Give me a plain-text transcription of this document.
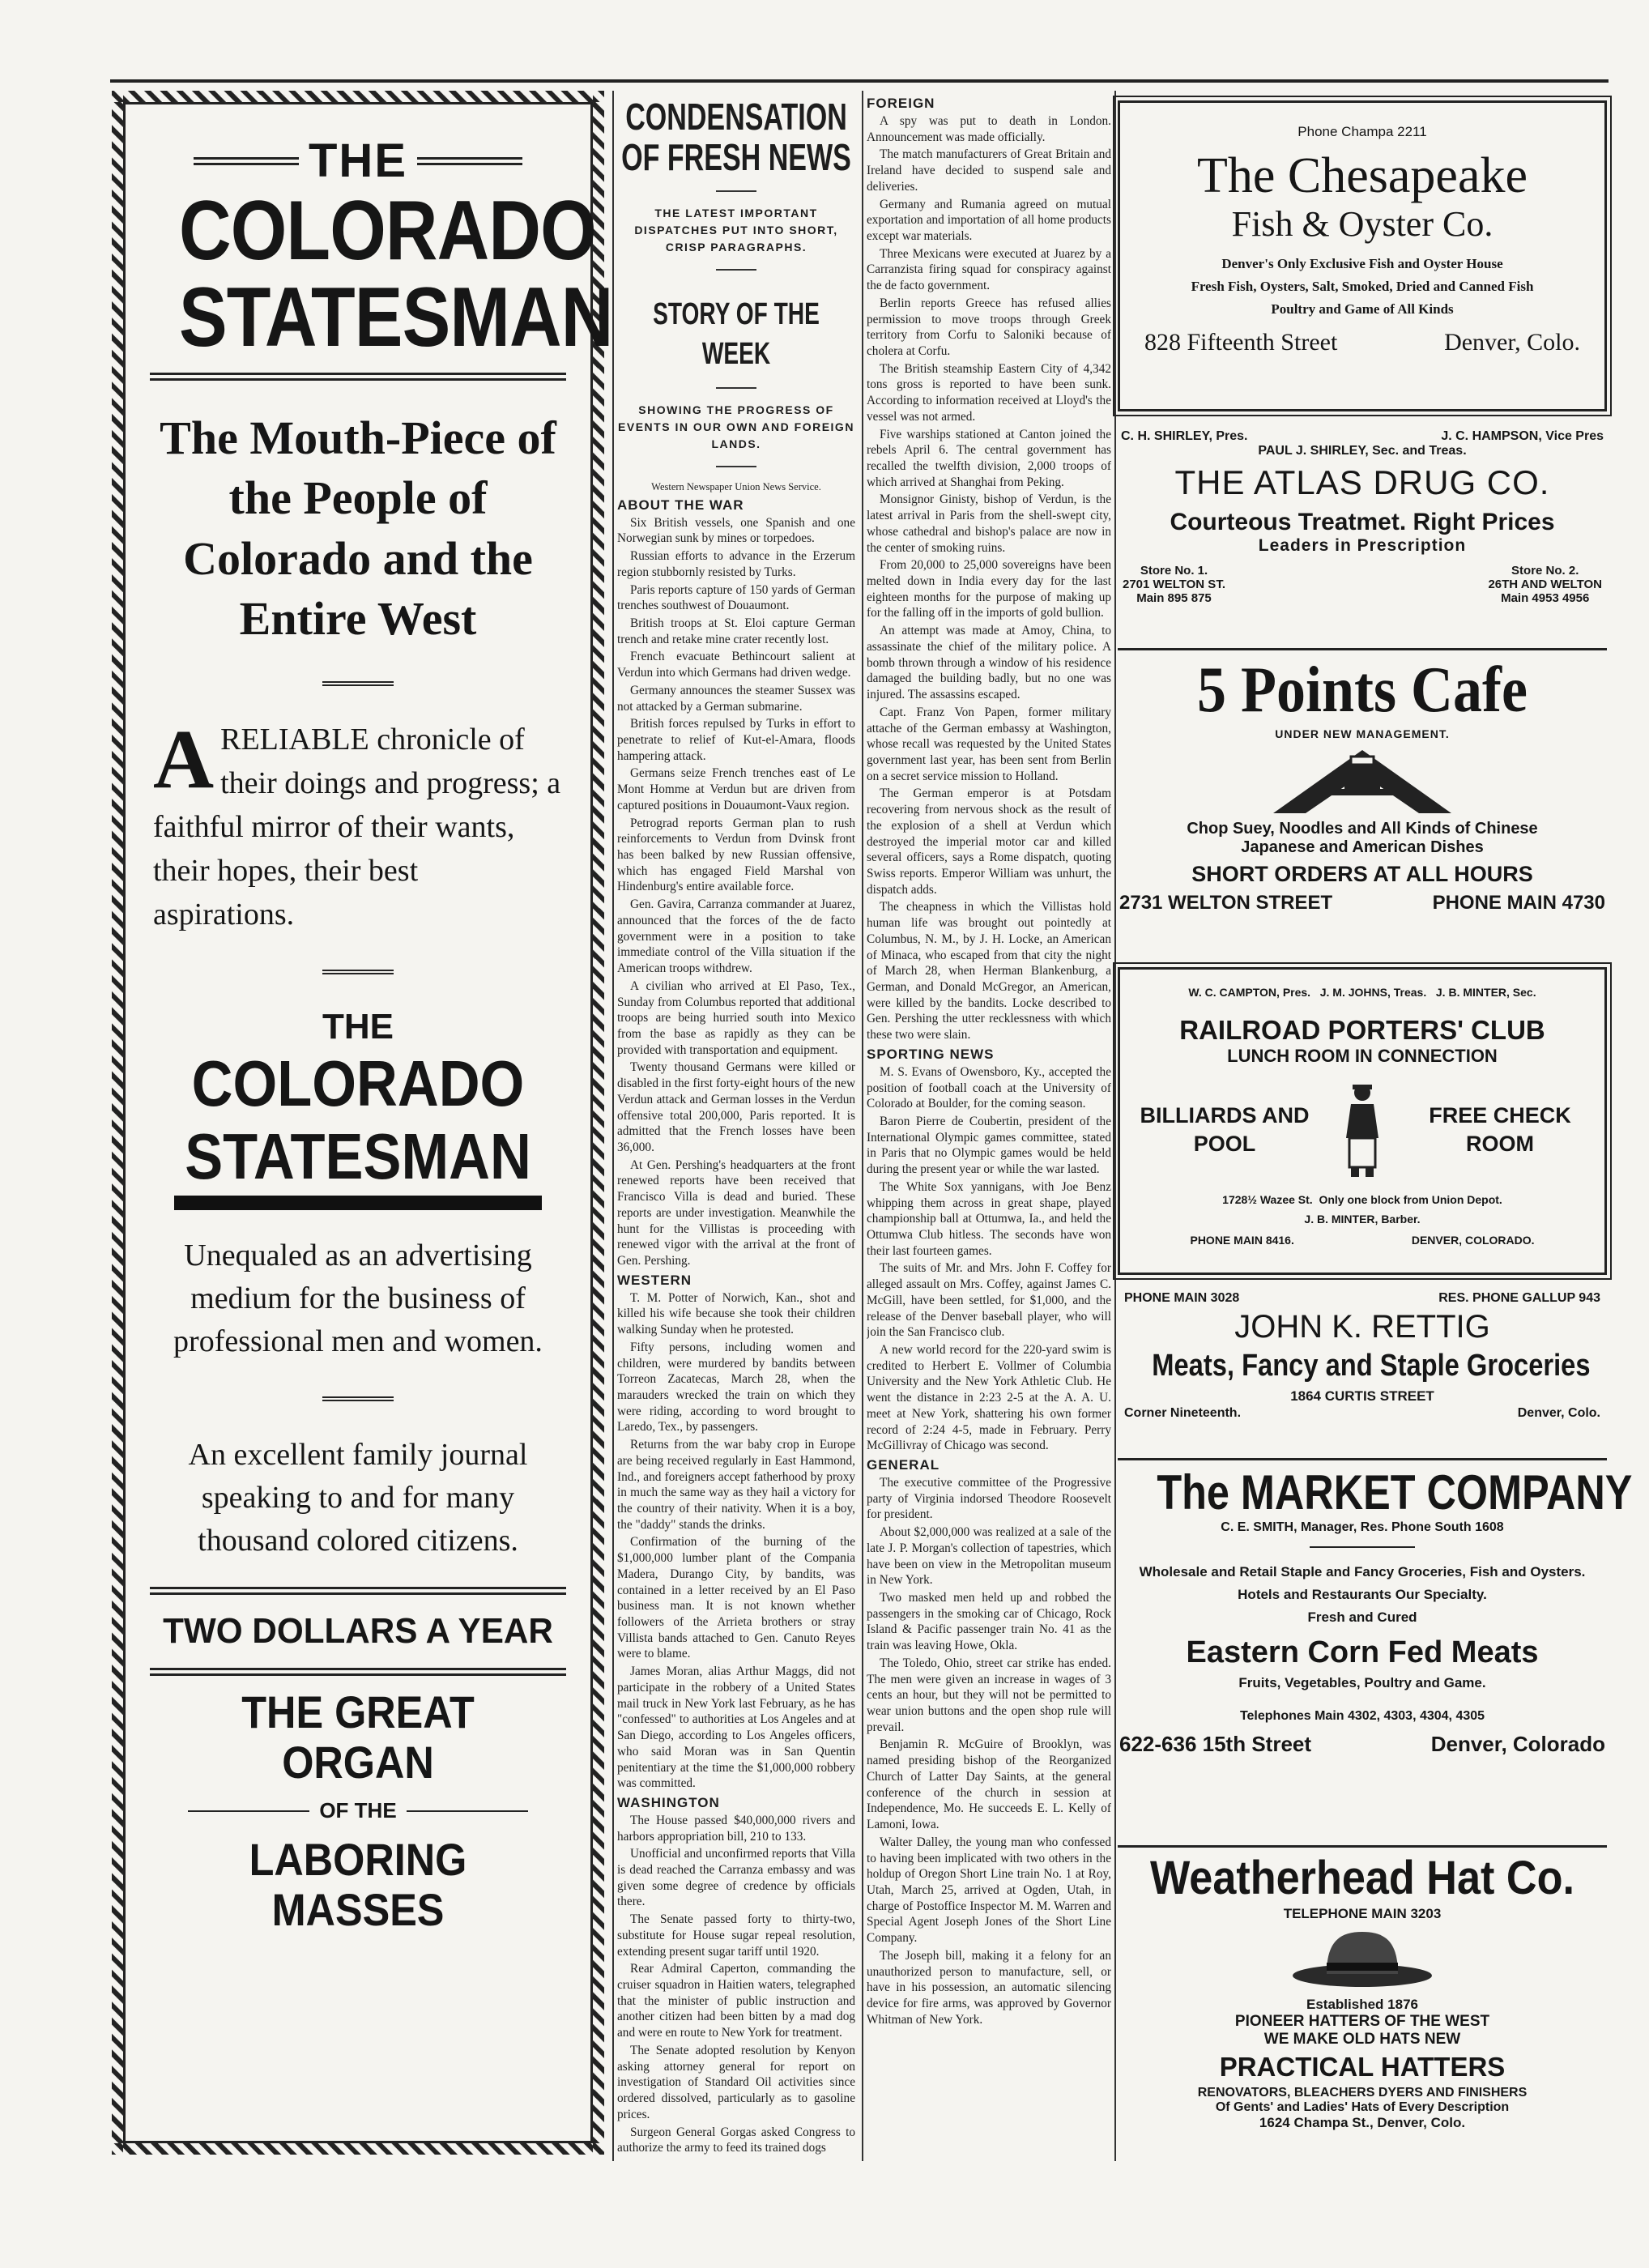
THE
COLORADO
STATESMAN
The Mouth-Piece of the People of Colorado and the Entire West
A RELIABLE chronicle of their doings and progress; a faithful mirror of their wants, their hopes, their best aspirations.
THE
COLORADO
STATESMAN
Unequaled as an advertising medium for the business of professional men and women.
An excellent family journal speaking to and for many thousand colored citizens.
TWO DOLLARS A YEAR
THE GREAT ORGAN
OF THE
LABORING MASSES
CONDENSATION
OF FRESH NEWS
THE LATEST IMPORTANT DISPATCHES PUT INTO SHORT, CRISP PARAGRAPHS.
STORY OF THE WEEK
SHOWING THE PROGRESS OF EVENTS IN OUR OWN AND FOREIGN LANDS.
Western Newspaper Union News Service.
ABOUT THE WAR

Six British vessels, one Spanish and one Norwegian sunk by mines or torpedoes.

Russian efforts to advance in the Erzerum region stubbornly resisted by Turks.

Paris reports capture of 150 yards of German trenches southwest of Douaumont.

British troops at St. Eloi capture German trench and retake mine crater recently lost.

French evacuate Bethincourt salient at Verdun into which Germans had driven wedge.

Germany announces the steamer Sussex was not attacked by a German submarine.

British forces repulsed by Turks in effort to penetrate to relief of Kut-el-Amara, floods hampering attack.

Germans seize French trenches east of Le Mont Homme at Verdun but are driven from captured positions in Douaumont-Vaux region.

Petrograd reports German plan to rush reinforcements to Verdun from Dvinsk front has been balked by new Russian offensive, which has engaged Field Marshal von Hindenburg's entire available force.

Gen. Gavira, Carranza commander at Juarez, announced that the forces of the de facto government were in a position to take immediate control of the Villa situation if the American troops withdrew.

A civilian who arrived at El Paso, Tex., Sunday from Columbus reported that additional troops are being hurried south into Mexico from the base as rapidly as they can be provided with transportation and equipment.

Twenty thousand Germans were killed or disabled in the first forty-eight hours of the new Verdun attack and German losses in the Verdun offensive total 200,000, Paris reported. It is admitted that the French losses have been 36,000.

At Gen. Pershing's headquarters at the front renewed reports have been received that Francisco Villa is dead and buried. These reports are under investigation. Meanwhile the hunt for the Villistas is proceeding with renewed vigor with the arrival at the front of Gen. Pershing.

WESTERN

T. M. Potter of Norwich, Kan., shot and killed his wife because she took their children walking Sunday when he protested.

Fifty persons, including women and children, were murdered by bandits between Torreon Zacatecas, March 28, when the marauders wrecked the train on which they were riding, according to word brought to Laredo, Tex., by passengers.

Returns from the war baby crop in Europe are being received regularly in East Hammond, Ind., and foreigners accept fatherhood by proxy in much the same way as they hail a victory for the country of their nativity. When it is a boy, the "daddy" stands the drinks.

Confirmation of the burning of the $1,000,000 lumber plant of the Compania Madera, Durango City, by bandits, was contained in a letter received by an El Paso business man. It is not known whether followers of the Arrieta brothers or stray Villista bands attached to Gen. Canuto Reyes were to blame.

James Moran, alias Arthur Maggs, did not participate in the robbery of a United States mail truck in New York last February, as he has "confessed" to authorities at Los Angeles and at San Diego, according to Los Angeles officers, who said Moran was in San Quentin penitentiary at the time the $1,000,000 robbery was committed.

WASHINGTON

The House passed $40,000,000 rivers and harbors appropriation bill, 210 to 133.

Unofficial and unconfirmed reports that Villa is dead reached the Carranza embassy and was given some degree of credence by officials there.

The Senate passed forty to thirty-two, substitute for House sugar repeal resolution, extending present sugar tariff until 1920.

Rear Admiral Caperton, commanding the cruiser squadron in Haitien waters, telegraphed that the minister of public instruction and another citizen had been bitten by a mad dog and were en route to New York for treatment.

The Senate adopted resolution by Kenyon asking attorney general for report on investigation of Standard Oil activities since ordered dissolved, particularly as to gasoline prices.

Surgeon General Gorgas asked Congress to authorize the army to feed its trained dogs

FOREIGN

A spy was put to death in London. Announcement was made officially.

The match manufacturers of Great Britain and Ireland have decided to suspend sale and deliveries.

Germany and Rumania agreed on mutual exportation and importation of all home products except war materials.

Three Mexicans were executed at Juarez by a Carranzista firing squad for conspiracy against the de facto government.

Berlin reports Greece has refused allies permission to move troops through Greek territory from Corfu to Saloniki because of cholera at Corfu.

The British steamship Eastern City of 4,342 tons gross is reported to have been sunk. According to information received at Lloyd's the vessel was not armed.

Five warships stationed at Canton joined the rebels April 6. The central government has recalled the twelfth division, 2,000 troops of which arrived at Shanghai from Peking.

Monsignor Ginisty, bishop of Verdun, is the latest arrival in Paris from the shell-swept city, whose cathedral and bishop's palace are now in the center of smoking ruins.

From 20,000 to 25,000 sovereigns have been melted down in India every day for the last eighteen months for the purpose of making up for the falling off in the imports of gold bullion.

An attempt was made at Amoy, China, to assassinate the chief of the military police. A bomb thrown through a window of his residence damaged the building badly, but no one was injured. The assassins escaped.

Capt. Franz Von Papen, former military attache of the German embassy at Washington, whose recall was requested by the United States government last year, has been sent from Berlin on a secret service mission to Holland.

The German emperor is at Potsdam recovering from nervous shock as the result of the explosion of a shell at Verdun which destroyed the imperial motor car and killed several officers, says a Rome dispatch, quoting Swiss reports. Emperor William was unhurt, the dispatch adds.

The cheapness in which the Villistas hold human life was brought out pointedly at Columbus, N. M., by J. H. Locke, an American of Minaca, who escaped from that city the night of March 28, when Herman Blankenburg, a German, and Donald McGregor, an American, were killed by the bandits. Locke described to Gen. Pershing the utter recklessness with which these two were slain.

SPORTING NEWS

M. S. Evans of Owensboro, Ky., accepted the position of football coach at the University of Colorado at Boulder, for the coming season.

Baron Pierre de Coubertin, president of the International Olympic games committee, stated in Paris that no Olympic games would be held during the present year or while the war lasted.

The White Sox yannigans, with Joe Benz whipping them across in great shape, played championship ball at Ottumwa, Ia., and held the Ottumwa Club hitless. The seconds have won their last fourteen games.

The suits of Mr. and Mrs. John F. Coffey for alleged assault on Mrs. Coffey, against James C. McGill, have been settled, for $1,000, and the release of the Denver baseball player, who will join the San Francisco club.

A new world record for the 220-yard swim is credited to Herbert E. Vollmer of Columbia University and the New York Athletic Club. He went the distance in 2:23 2-5 at the A. A. U. meet at New York, shattering his own former record of 2:24 4-5, made in February. Perry McGillivray of Chicago was second.

GENERAL

The executive committee of the Progressive party of Virginia indorsed Theodore Roosevelt for president.

About $2,000,000 was realized at a sale of the late J. P. Morgan's collection of tapestries, which have been on view in the Metropolitan museum in New York.

Two masked men held up and robbed the passengers in the smoking car of Chicago, Rock Island & Pacific passenger train No. 41 as the train was leaving Howe, Okla.

The Toledo, Ohio, street car strike has ended. The men were given an increase in wages of 3 cents an hour, but they will not be permitted to wear union buttons and the open shop rule will prevail.

Benjamin R. McGuire of Brooklyn, was named presiding bishop of the Reorganized Church of Latter Day Saints, at the general conference of the church in session at Independence, Mo. He succeeds E. L. Kelly of Lamoni, Iowa.

Walter Dalley, the young man who confessed to having been implicated with two others in the holdup of Oregon Short Line train No. 1 at Roy, Utah, March 25, arrived at Ogden, Utah, in charge of Postoffice Inspector M. M. Warren and Special Agent Joseph Jones of the Short Line Company.

The Joseph bill, making it a felony for an unauthorized person to manufacture, sell, or have in his possession, an automatic silencing device for fire arms, was approved by Governor Whitman of New York.

Phone Champa 2211
The Chesapeake
Fish & Oyster Co.
Denver's Only Exclusive Fish and Oyster House
Fresh Fish, Oysters, Salt, Smoked, Dried and Canned Fish
Poultry and Game of All Kinds
828 Fifteenth Street	Denver, Colo.
C. H. SHIRLEY, Pres.	J. C. HAMPSON, Vice Pres
PAUL J. SHIRLEY, Sec. and Treas.
THE ATLAS DRUG CO.
Courteous Treatmet. Right Prices
Leaders in Prescription
Store No. 1.
2701 WELTON ST.
Main 895 875
Store No. 2.
26TH AND WELTON
Main 4953 4956
5 Points Cafe
UNDER NEW MANAGEMENT.
Chop Suey, Noodles and All Kinds of Chinese
Japanese and American Dishes
SHORT ORDERS AT ALL HOURS
2731 WELTON STREET	PHONE MAIN 4730
W. C. CAMPTON, Pres.   J. M. JOHNS, Treas.   J. B. MINTER, Sec.
RAILROAD PORTERS' CLUB
LUNCH ROOM IN CONNECTION
BILLIARDS AND POOL
FREE CHECK ROOM
1728½ Wazee St.  Only one block from Union Depot.
J. B. MINTER, Barber.
PHONE MAIN 8416.	DENVER, COLORADO.
PHONE MAIN 3028	RES. PHONE GALLUP 943
JOHN K. RETTIG
Meats, Fancy and Staple Groceries
1864 CURTIS STREET
Corner Nineteenth.	Denver, Colo.
The MARKET COMPANY
C. E. SMITH, Manager, Res. Phone South 1608
Wholesale and Retail Staple and Fancy Groceries, Fish and Oysters.
Hotels and Restaurants Our Specialty.
Fresh and Cured
Eastern Corn Fed Meats
Fruits, Vegetables, Poultry and Game.
Telephones Main 4302, 4303, 4304, 4305
622-636 15th Street	Denver, Colorado
Weatherhead Hat Co.
TELEPHONE MAIN 3203
Established 1876
PIONEER HATTERS OF THE WEST
WE MAKE OLD HATS NEW
PRACTICAL HATTERS
RENOVATORS, BLEACHERS DYERS AND FINISHERS
Of Gents' and Ladies' Hats of Every Description
1624 Champa St., Denver, Colo.
